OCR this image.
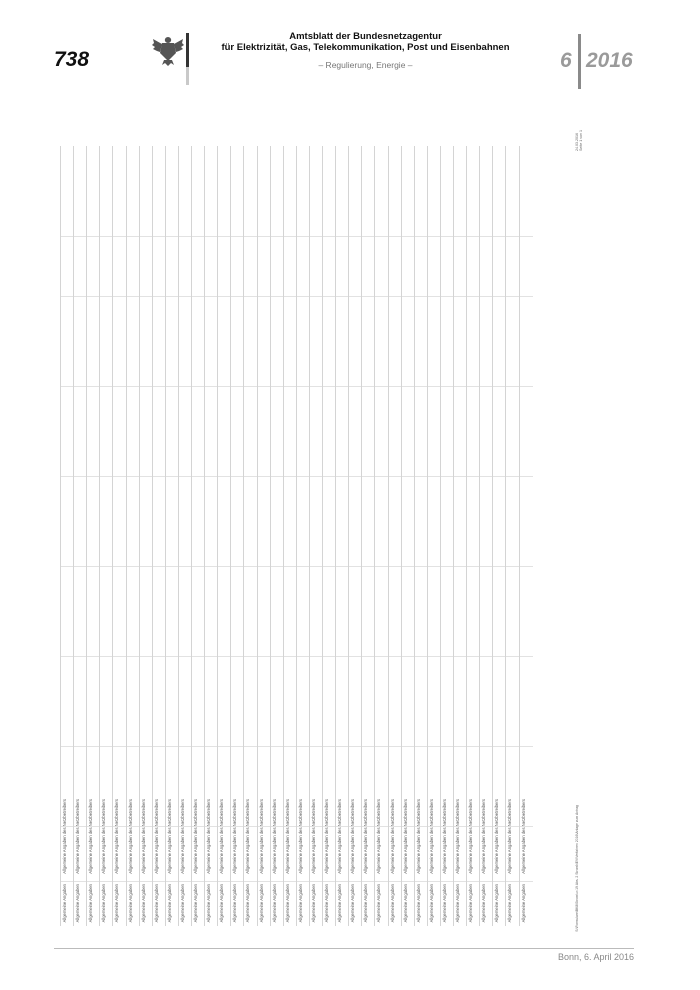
738
Amtsblatt der Bundesnetzagentur
für Elektrizität, Gas, Telekommunikation, Post und Eisenbahnen
– Regulierung, Energie –	6 2016
Allgemeine Angaben
Allgemeine Angaben des Netzbetreibers
Allgemeine Angaben
Allgemeine Angaben des Netzbetreibers
Allgemeine Angaben
Allgemeine Angaben des Netzbetreibers
Allgemeine Angaben
Allgemeine Angaben des Netzbetreibers
Allgemeine Angaben
Allgemeine Angaben des Netzbetreibers
Allgemeine Angaben
Allgemeine Angaben des Netzbetreibers
Allgemeine Angaben
Allgemeine Angaben des Netzbetreibers
Allgemeine Angaben
Allgemeine Angaben des Netzbetreibers
Allgemeine Angaben
Allgemeine Angaben des Netzbetreibers
Allgemeine Angaben
Allgemeine Angaben des Netzbetreibers
Allgemeine Angaben
Allgemeine Angaben des Netzbetreibers
Allgemeine Angaben
Allgemeine Angaben des Netzbetreibers
Allgemeine Angaben
Allgemeine Angaben des Netzbetreibers
Allgemeine Angaben
Allgemeine Angaben des Netzbetreibers
Allgemeine Angaben
Allgemeine Angaben des Netzbetreibers
Allgemeine Angaben
Allgemeine Angaben des Netzbetreibers
Allgemeine Angaben
Allgemeine Angaben des Netzbetreibers
Allgemeine Angaben
Allgemeine Angaben des Netzbetreibers
Allgemeine Angaben
Allgemeine Angaben des Netzbetreibers
Allgemeine Angaben
Allgemeine Angaben des Netzbetreibers
Allgemeine Angaben
Allgemeine Angaben des Netzbetreibers
Allgemeine Angaben
Allgemeine Angaben des Netzbetreibers
Allgemeine Angaben
Allgemeine Angaben des Netzbetreibers
Allgemeine Angaben
Allgemeine Angaben des Netzbetreibers
Allgemeine Angaben
Allgemeine Angaben des Netzbetreibers
Allgemeine Angaben
Allgemeine Angaben des Netzbetreibers
Allgemeine Angaben
Allgemeine Angaben des Netzbetreibers
Allgemeine Angaben
Allgemeine Angaben des Netzbetreibers
Allgemeine Angaben
Allgemeine Angaben des Netzbetreibers
Allgemeine Angaben
Allgemeine Angaben des Netzbetreibers
Allgemeine Angaben
Allgemeine Angaben des Netzbetreibers
Allgemeine Angaben
Allgemeine Angaben des Netzbetreibers
Allgemeine Angaben
Allgemeine Angaben des Netzbetreibers
Allgemeine Angaben
Allgemeine Angaben des Netzbetreibers
Allgemeine Angaben
Allgemeine Angaben des Netzbetreibers
Allgemeine Angaben
Allgemeine Angaben des Netzbetreibers
24.03.2016
Seite 1 von 1
S:\Formulare\BK8\Strom\§19 Abs. 2 StromNEV\Verfahren 2016\Anlage zum Antrag
Bonn, 6. April 2016
